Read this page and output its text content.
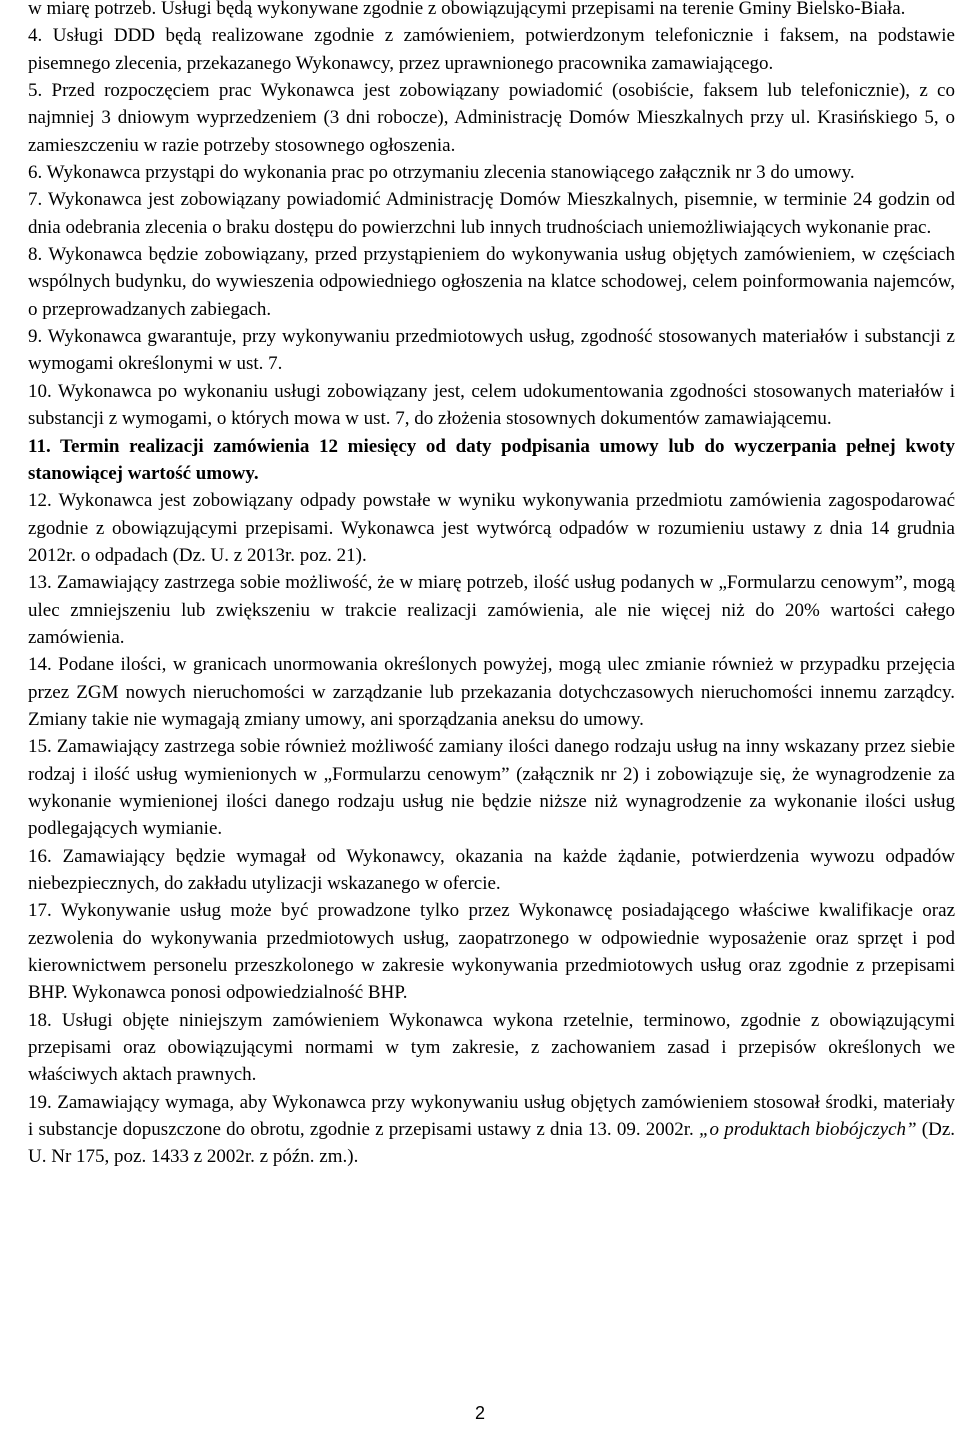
w miarę potrzeb. Usługi będą wykonywane zgodnie z obowiązującymi przepisami na terenie Gminy Bielsko-Biała.

4. Usługi DDD będą realizowane zgodnie z zamówieniem, potwierdzonym telefonicznie i faksem, na podstawie pisemnego zlecenia, przekazanego Wykonawcy, przez uprawnionego pracownika zamawiającego.

5. Przed rozpoczęciem prac Wykonawca jest zobowiązany powiadomić (osobiście, faksem lub telefonicznie), z co najmniej 3 dniowym wyprzedzeniem (3 dni robocze), Administrację Domów Mieszkalnych przy ul. Krasińskiego 5, o zamieszczeniu w razie potrzeby stosownego ogłoszenia.

6. Wykonawca przystąpi do wykonania prac po otrzymaniu zlecenia stanowiącego załącznik nr 3 do umowy.

7. Wykonawca jest zobowiązany powiadomić Administrację Domów Mieszkalnych, pisemnie, w terminie 24 godzin od dnia odebrania zlecenia o braku dostępu do powierzchni lub innych trudnościach uniemożliwiających wykonanie prac.

8. Wykonawca będzie zobowiązany, przed przystąpieniem do wykonywania usług objętych zamówieniem, w częściach wspólnych budynku, do wywieszenia odpowiedniego ogłoszenia na klatce schodowej, celem poinformowania najemców, o przeprowadzanych zabiegach.

9. Wykonawca gwarantuje, przy wykonywaniu przedmiotowych usług, zgodność stosowanych materiałów i substancji z wymogami określonymi w ust. 7.

10. Wykonawca po wykonaniu usługi zobowiązany jest, celem udokumentowania zgodności stosowanych materiałów i substancji z wymogami, o których mowa w ust. 7, do złożenia stosownych dokumentów zamawiającemu.

11. Termin realizacji zamówienia 12 miesięcy od daty podpisania umowy lub do wyczerpania pełnej kwoty stanowiącej wartość umowy.

12. Wykonawca jest zobowiązany odpady powstałe w wyniku wykonywania przedmiotu zamówienia zagospodarować zgodnie z obowiązującymi przepisami. Wykonawca jest wytwórcą odpadów w rozumieniu ustawy z dnia 14 grudnia 2012r. o odpadach (Dz. U. z 2013r. poz. 21).

13. Zamawiający zastrzega sobie możliwość, że w miarę potrzeb, ilość usług podanych w „Formularzu cenowym”, mogą ulec zmniejszeniu lub zwiększeniu w trakcie realizacji zamówienia, ale nie więcej niż do 20% wartości całego zamówienia.

14. Podane ilości, w granicach unormowania określonych powyżej, mogą ulec zmianie również w przypadku przejęcia przez ZGM nowych nieruchomości w zarządzanie lub przekazania dotychczasowych nieruchomości innemu zarządcy. Zmiany takie nie wymagają zmiany umowy, ani sporządzania aneksu do umowy.

15. Zamawiający zastrzega sobie również możliwość zamiany ilości danego rodzaju usług na inny wskazany przez siebie rodzaj i ilość usług wymienionych w „Formularzu cenowym” (załącznik nr 2) i zobowiązuje się, że wynagrodzenie za wykonanie wymienionej ilości danego rodzaju usług nie będzie niższe niż wynagrodzenie za wykonanie ilości usług podlegających wymianie.

16. Zamawiający będzie wymagał od Wykonawcy, okazania na każde żądanie, potwierdzenia wywozu odpadów niebezpiecznych, do zakładu utylizacji wskazanego w ofercie.

17. Wykonywanie usług może być prowadzone tylko przez Wykonawcę posiadającego właściwe kwalifikacje oraz zezwolenia do wykonywania przedmiotowych usług, zaopatrzonego w odpowiednie wyposażenie oraz sprzęt i pod kierownictwem personelu przeszkolonego w zakresie wykonywania przedmiotowych usług oraz zgodnie z przepisami BHP. Wykonawca ponosi odpowiedzialność BHP.

18. Usługi objęte niniejszym zamówieniem Wykonawca wykona rzetelnie, terminowo, zgodnie z obowiązującymi przepisami oraz obowiązującymi normami w tym zakresie, z zachowaniem zasad i przepisów określonych we właściwych aktach prawnych.

19. Zamawiający wymaga, aby Wykonawca przy wykonywaniu usług objętych zamówieniem stosował środki, materiały i substancje dopuszczone do obrotu, zgodnie z przepisami ustawy z dnia 13. 09. 2002r. „o produktach biobójczych” (Dz. U. Nr 175, poz. 1433 z 2002r. z późn. zm.).

2
